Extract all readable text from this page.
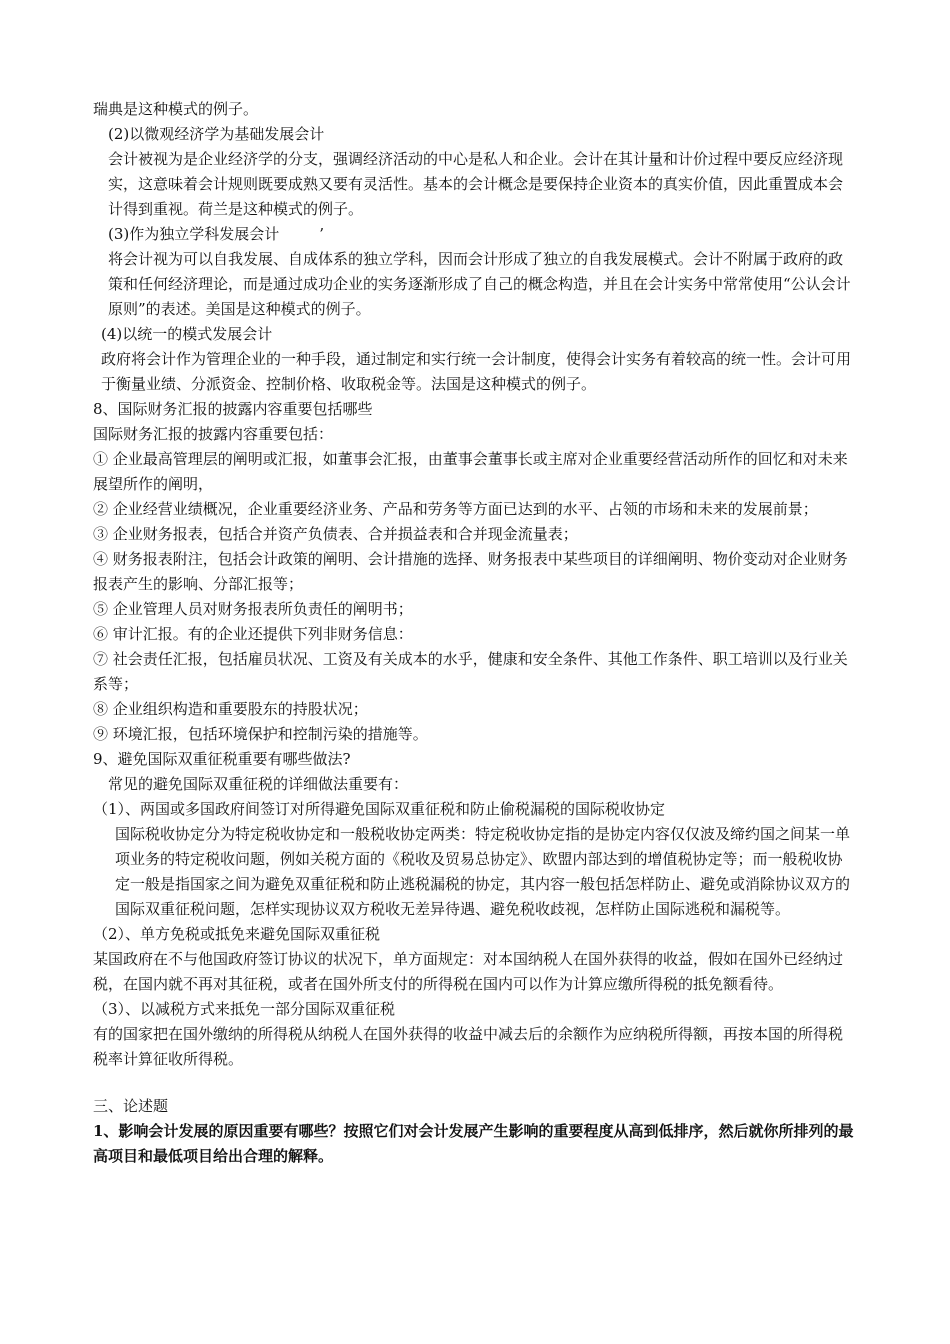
瑞典是这种模式的例子。

(2)以微观经济学为基础发展会计

会计被视为是企业经济学的分支，强调经济活动的中心是私人和企业。会计在其计量和计价过程中要反应经济现实，这意味着会计规则既要成熟又要有灵活性。基本的会计概念是要保持企业资本的真实价值，因此重置成本会计得到重视。荷兰是这种模式的例子。

(3)作为独立学科发展会计	’

将会计视为可以自我发展、自成体系的独立学科，因而会计形成了独立的自我发展模式。会计不附属于政府的政策和任何经济理论，而是通过成功企业的实务逐渐形成了自己的概念构造，并且在会计实务中常常使用“公认会计原则”的表述。美国是这种模式的例子。

(4)以统一的模式发展会计

政府将会计作为管理企业的一种手段，通过制定和实行统一会计制度，使得会计实务有着较高的统一性。会计可用于衡量业绩、分派资金、控制价格、收取税金等。法国是这种模式的例子。

8、国际财务汇报的披露内容重要包括哪些

国际财务汇报的披露内容重要包括：

① 企业最高管理层的阐明或汇报，如董事会汇报，由董事会董事长或主席对企业重要经营活动所作的回忆和对未来展望所作的阐明，

② 企业经营业绩概况，企业重要经济业务、产品和劳务等方面已达到的水平、占领的市场和未来的发展前景；

③ 企业财务报表，包括合并资产负债表、合并损益表和合并现金流量表；

④ 财务报表附注，包括会计政策的阐明、会计措施的选择、财务报表中某些项目的详细阐明、物价变动对企业财务报表产生的影响、分部汇报等；

⑤ 企业管理人员对财务报表所负责任的阐明书；

⑥ 审计汇报。有的企业还提供下列非财务信息：

⑦ 社会责任汇报，包括雇员状况、工资及有关成本的水乎，健康和安全条件、其他工作条件、职工培训以及行业关系等；

⑧ 企业组织构造和重要股东的持股状况；

⑨ 环境汇报，包括环境保护和控制污染的措施等。

9、避免国际双重征税重要有哪些做法?

常见的避免国际双重征税的详细做法重要有：

（1）、两国或多国政府间签订对所得避免国际双重征税和防止偷税漏税的国际税收协定

国际税收协定分为特定税收协定和一般税收协定两类：特定税收协定指的是协定内容仅仅波及缔约国之间某一单项业务的特定税收问题，例如关税方面的《税收及贸易总协定》、欧盟内部达到的增值税协定等；而一般税收协定一般是指国家之间为避免双重征税和防止逃税漏税的协定，其内容一般包括怎样防止、避免或消除协议双方的国际双重征税问题，怎样实现协议双方税收无差异待遇、避免税收歧视，怎样防止国际逃税和漏税等。

（2）、单方免税或抵免来避免国际双重征税

某国政府在不与他国政府签订协议的状况下，单方面规定：对本国纳税人在国外获得的收益，假如在国外已经纳过税，在国内就不再对其征税，或者在国外所支付的所得税在国内可以作为计算应缴所得税的抵免额看待。

（3）、以减税方式来抵免一部分国际双重征税

有的国家把在国外缴纳的所得税从纳税人在国外获得的收益中减去后的余额作为应纳税所得额，再按本国的所得税税率计算征收所得税。

三、论述题

1、影响会计发展的原因重要有哪些？按照它们对会计发展产生影响的重要程度从高到低排序，然后就你所排列的最高项目和最低项目给出合理的解释。
